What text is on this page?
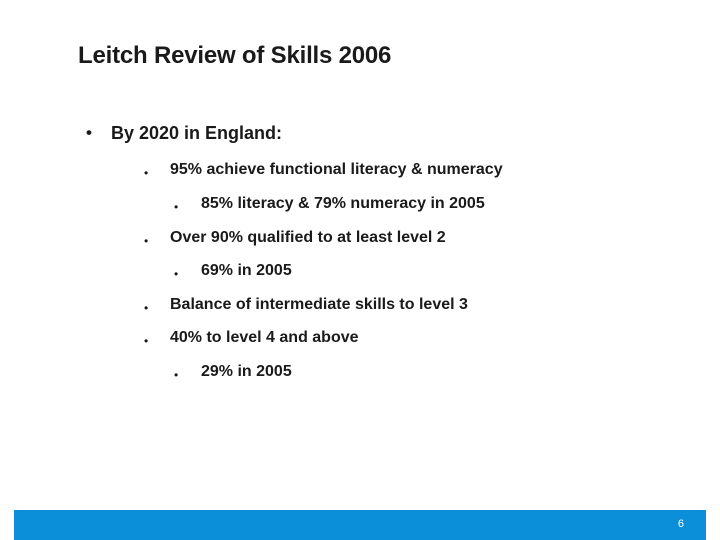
Leitch Review of Skills 2006
• By 2020 in England:
• 95% achieve functional literacy & numeracy
• 85% literacy & 79% numeracy in 2005
• Over 90% qualified to at least level 2
• 69% in 2005
• Balance of intermediate skills to level 3
• 40% to level 4 and above
• 29% in 2005
6
